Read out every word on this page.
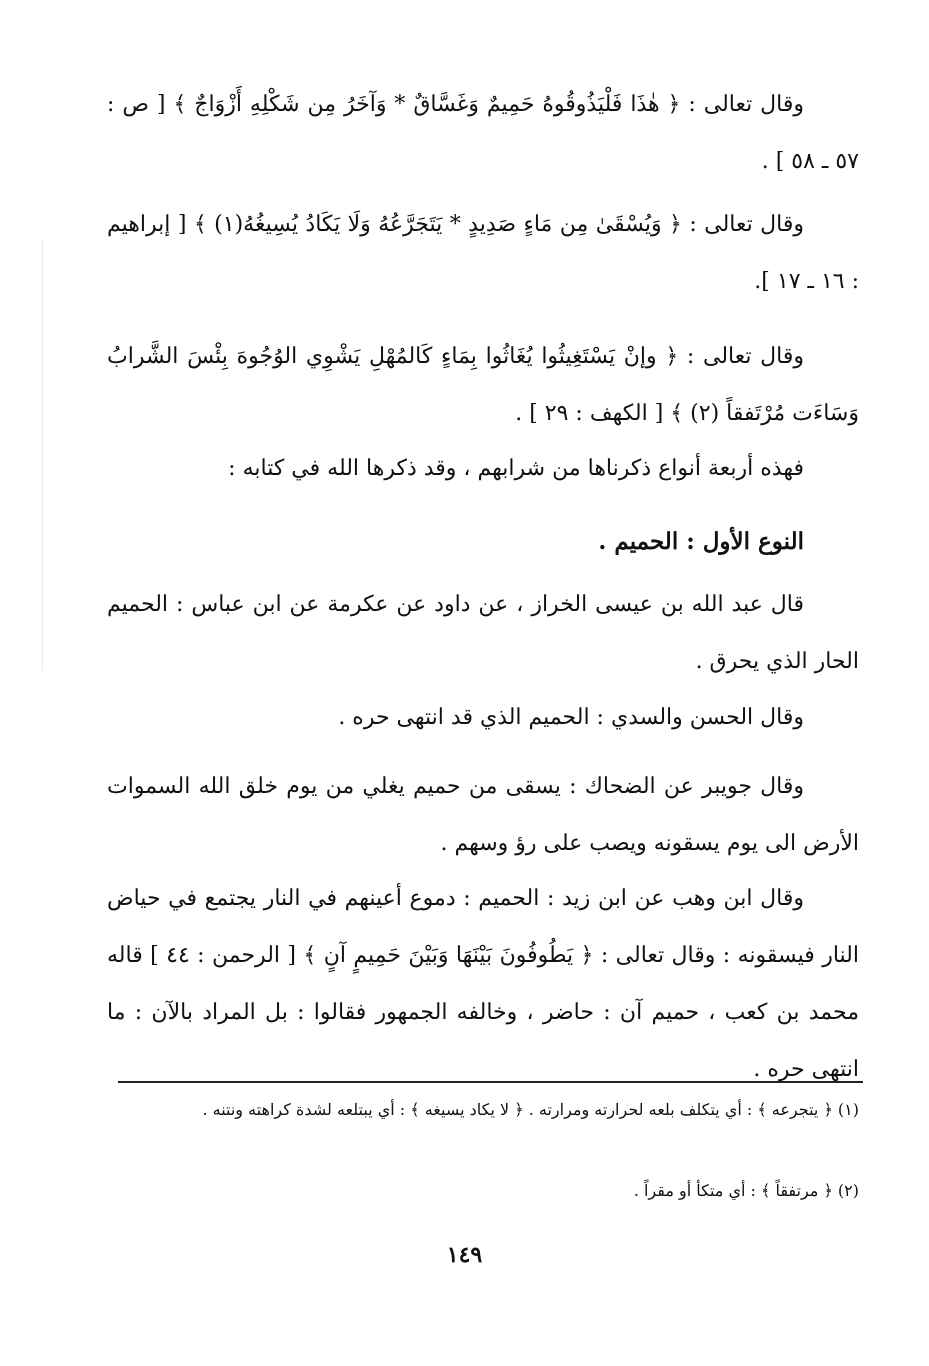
وقال تعالى : ﴿ هٰذَا فَلْيَذُوقُوهُ حَمِيمٌ وَغَسَّاقٌ * وَآخَرُ مِن شَكْلِهِ أَزْوَاجٌ ﴾ [ ص : ٥٧ ـ ٥٨ ] .

وقال تعالى : ﴿ وَيُسْقَىٰ مِن مَاءٍ صَدِيدٍ * يَتَجَرَّعُهُ وَلَا يَكَادُ يُسِيغُهُ(١) ﴾ [ إبراهيم : ١٦ ـ ١٧ ].

وقال تعالى : ﴿ وإنْ يَسْتَغِيثُوا يُغَاثُوا بِمَاءٍ كَالمُهْلِ يَشْوِي الوُجُوهَ بِئْسَ الشَّرابُ وَسَاءَت مُرْتَفقاً (٢) ﴾ [ الكهف : ٢٩ ] .

فهذه أربعة أنواع ذكرناها من شرابهم ، وقد ذكرها الله في كتابه :

النوع الأول : الحميم .

قال عبد الله بن عيسى الخراز ، عن داود عن عكرمة عن ابن عباس : الحميم الحار الذي يحرق .

وقال الحسن والسدي : الحميم الذي قد انتهى حره .

وقال جويبر عن الضحاك : يسقى من حميم يغلي من يوم خلق الله السموات الأرض الى يوم يسقونه ويصب على رؤ وسهم .

وقال ابن وهب عن ابن زيد : الحميم : دموع أعينهم في النار يجتمع في حياض النار فيسقونه : وقال تعالى : ﴿ يَطُوفُونَ بَيْنَهَا وَبَيْنَ حَمِيمٍ آنٍ ﴾ [ الرحمن : ٤٤ ] قاله محمد بن كعب ، حميم آن : حاضر ، وخالفه الجمهور فقالوا : بل المراد بالآن : ما انتهى حره .

(١) ﴿ يتجرعه ﴾ : أي يتكلف بلعه لحرارته ومرارته . ﴿ لا يكاد يسيغه ﴾ : أي يبتلعه لشدة كراهته ونتنه .

(٢) ﴿ مرتفقاً ﴾ : أي متكأ أو مقراً .

١٤٩
